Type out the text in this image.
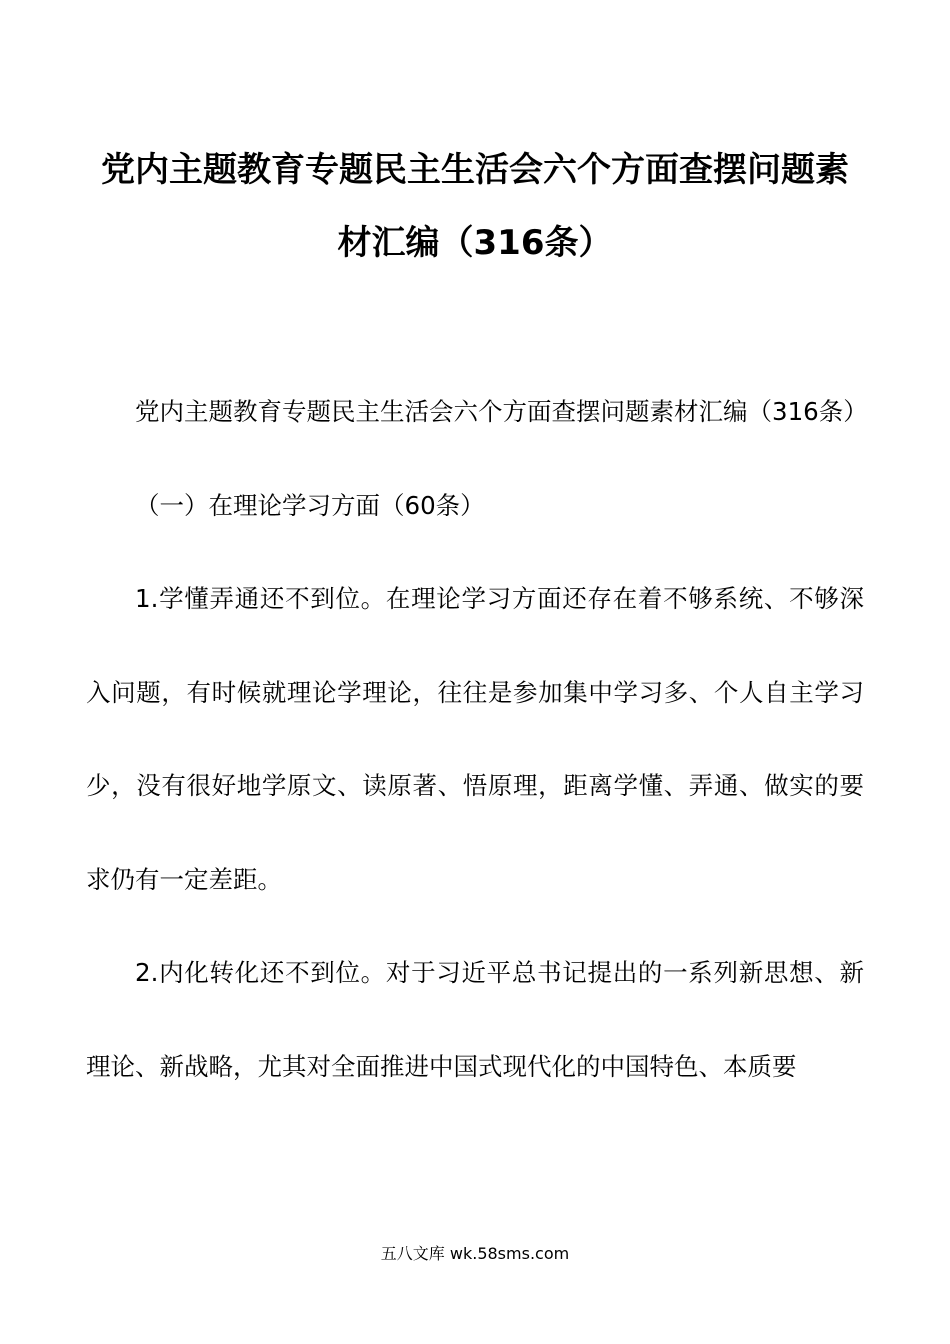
党内主题教育专题民主生活会六个方面查摆问题素
材汇编（316条）

党内主题教育专题民主生活会六个方面查摆问题素材汇编（316条）

（一）在理论学习方面（60条）

1.学懂弄通还不到位。在理论学习方面还存在着不够系统、不够深入问题，有时候就理论学理论，往往是参加集中学习多、个人自主学习少，没有很好地学原文、读原著、悟原理，距离学懂、弄通、做实的要求仍有一定差距。

2.内化转化还不到位。对于习近平总书记提出的一系列新思想、新理论、新战略，尤其对全面推进中国式现代化的中国特色、本质要

五八文库 wk.58sms.com
